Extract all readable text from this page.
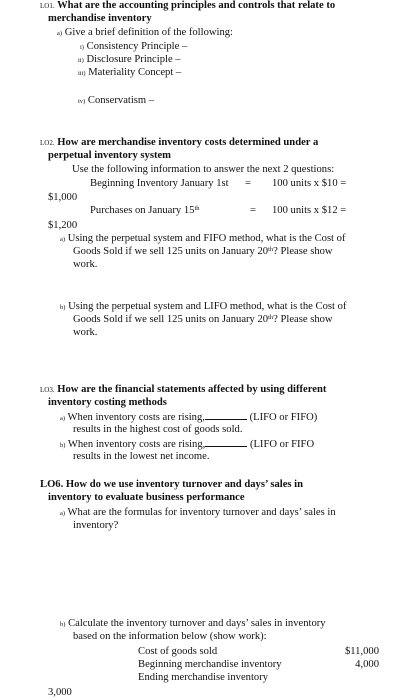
LO1. What are the accounting principles and controls that relate to
merchandise inventory
a) Give a brief definition of the following:
i) Consistency Principle –
ii) Disclosure Principle –
iii) Materiality Concept –
iv) Conservatism –
LO2. How are merchandise inventory costs determined under a
perpetual inventory system
Use the following information to answer the next 2 questions:
Beginning Inventory January 1st = 100 units x $10 =
$1,000
Purchases on January 15th	= 100 units x $12 =
$1,200
a) Using the perpetual system and FIFO method, what is the Cost of
Goods Sold if we sell 125 units on January 20th? Please show
work.
b) Using the perpetual system and LIFO method, what is the Cost of
Goods Sold if we sell 125 units on January 20th? Please show
work.
LO3. How are the financial statements affected by using different
inventory costing methods
a) When inventory costs are rising,	(LIFO or FIFO)
results in the highest cost of goods sold.
b) When inventory costs are rising,	(LIFO or FIFO
results in the lowest net income.
LO6. How do we use inventory turnover and days’ sales in
inventory to evaluate business performance
a) What are the formulas for inventory turnover and days’ sales in
inventory?
b) Calculate the inventory turnover and days’ sales in inventory
based on the information below (show work):
Cost of goods sold	$11,000
Beginning merchandise inventory	4,000
Ending merchandise inventory
3,000
